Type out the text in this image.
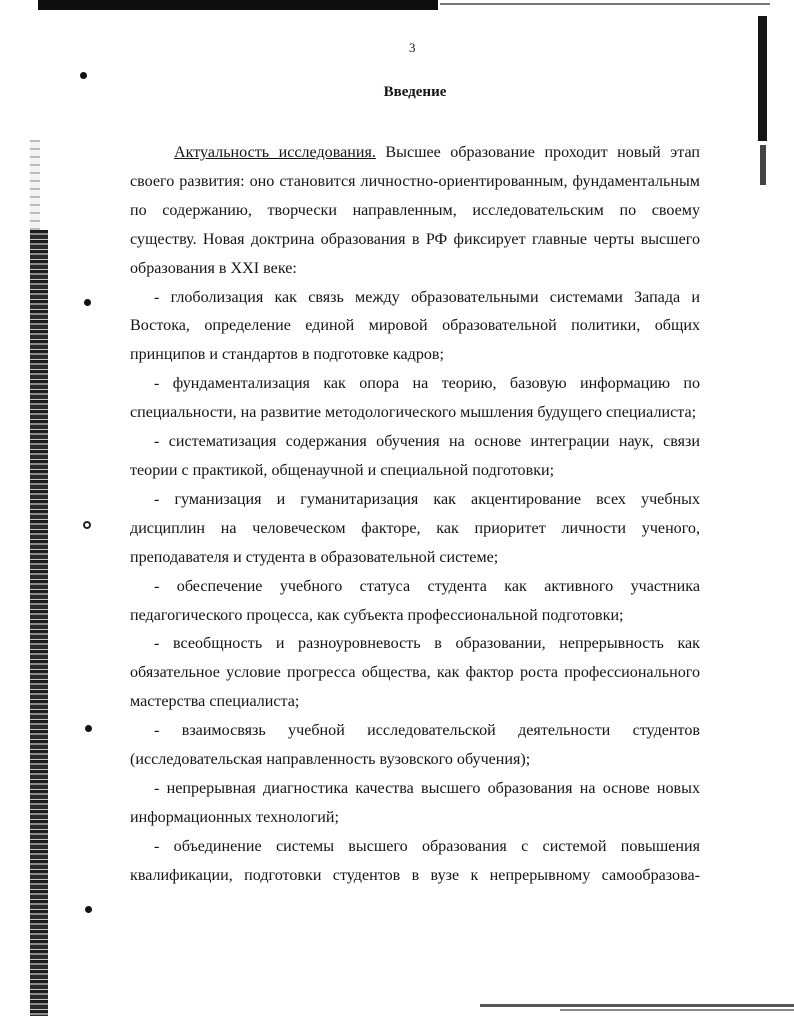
3
Введение

Актуальность исследования. Высшее образование проходит новый этап своего развития: оно становится личностно-ориентированным, фундаментальным по содержанию, творчески направленным, исследовательским по своему существу. Новая доктрина образования в РФ фиксирует главные черты высшего образования в XXI веке:

- глоболизация как связь между образовательными системами Запада и Востока, определение единой мировой образовательной политики, общих принципов и стандартов в подготовке кадров;

- фундаментализация как опора на теорию, базовую информацию по специальности, на развитие методологического мышления будущего специалиста;

- систематизация содержания обучения на основе интеграции наук, связи теории с практикой, общенаучной и специальной подготовки;

- гуманизация и гуманитаризация как акцентирование всех учебных дисциплин на человеческом факторе, как приоритет личности ученого, преподавателя и студента в образовательной системе;

- обеспечение учебного статуса студента как активного участника педагогического процесса, как субъекта профессиональной подготовки;

- всеобщность и разноуровневость в образовании, непрерывность как обязательное условие прогресса общества, как фактор роста профессионального мастерства специалиста;

- взаимосвязь учебной исследовательской деятельности студентов (исследовательская направленность вузовского обучения);

- непрерывная диагностика качества высшего образования на основе новых информационных технологий;

- объединение системы высшего образования с системой повышения квалификации, подготовки студентов в вузе к непрерывному самообразова-
